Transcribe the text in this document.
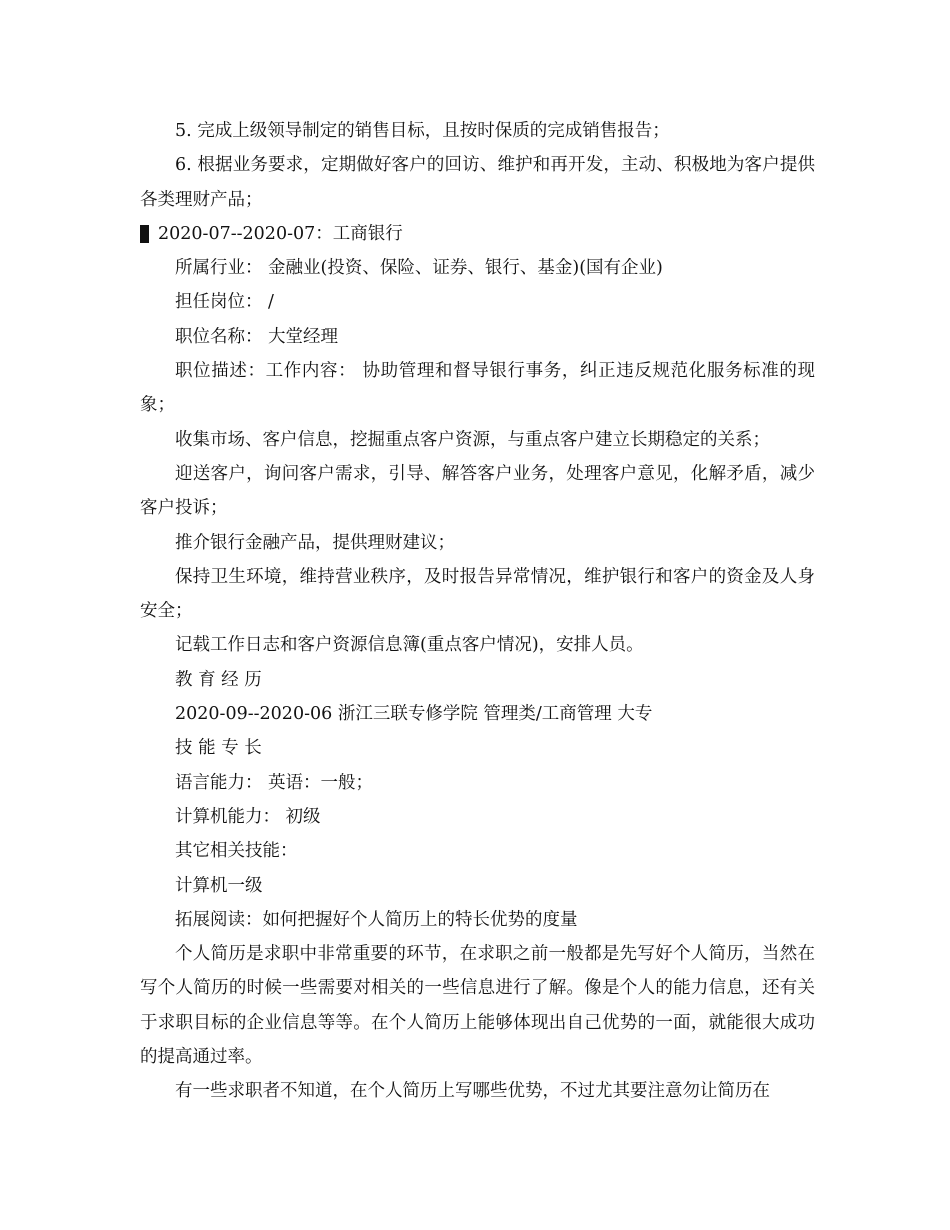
5. 完成上级领导制定的销售目标，且按时保质的完成销售报告；

6. 根据业务要求，定期做好客户的回访、维护和再开发，主动、积极地为客户提供各类理财产品；

2020-07--2020-07：工商银行

所属行业： 金融业(投资、保险、证券、银行、基金)(国有企业)

担任岗位： /

职位名称： 大堂经理

职位描述：工作内容： 协助管理和督导银行事务，纠正违反规范化服务标准的现象；

收集市场、客户信息，挖掘重点客户资源，与重点客户建立长期稳定的关系；

迎送客户，询问客户需求，引导、解答客户业务，处理客户意见，化解矛盾，减少客户投诉；

推介银行金融产品，提供理财建议；

保持卫生环境，维持营业秩序，及时报告异常情况，维护银行和客户的资金及人身安全；

记载工作日志和客户资源信息簿(重点客户情况)，安排人员。

教 育 经 历

2020-09--2020-06 浙江三联专修学院 管理类/工商管理 大专

技 能 专 长

语言能力： 英语：一般；

计算机能力： 初级

其它相关技能：

计算机一级

拓展阅读：如何把握好个人简历上的特长优势的度量

个人简历是求职中非常重要的环节，在求职之前一般都是先写好个人简历，当然在写个人简历的时候一些需要对相关的一些信息进行了解。像是个人的能力信息，还有关于求职目标的企业信息等等。在个人简历上能够体现出自己优势的一面，就能很大成功的提高通过率。

有一些求职者不知道，在个人简历上写哪些优势，不过尤其要注意勿让简历在
